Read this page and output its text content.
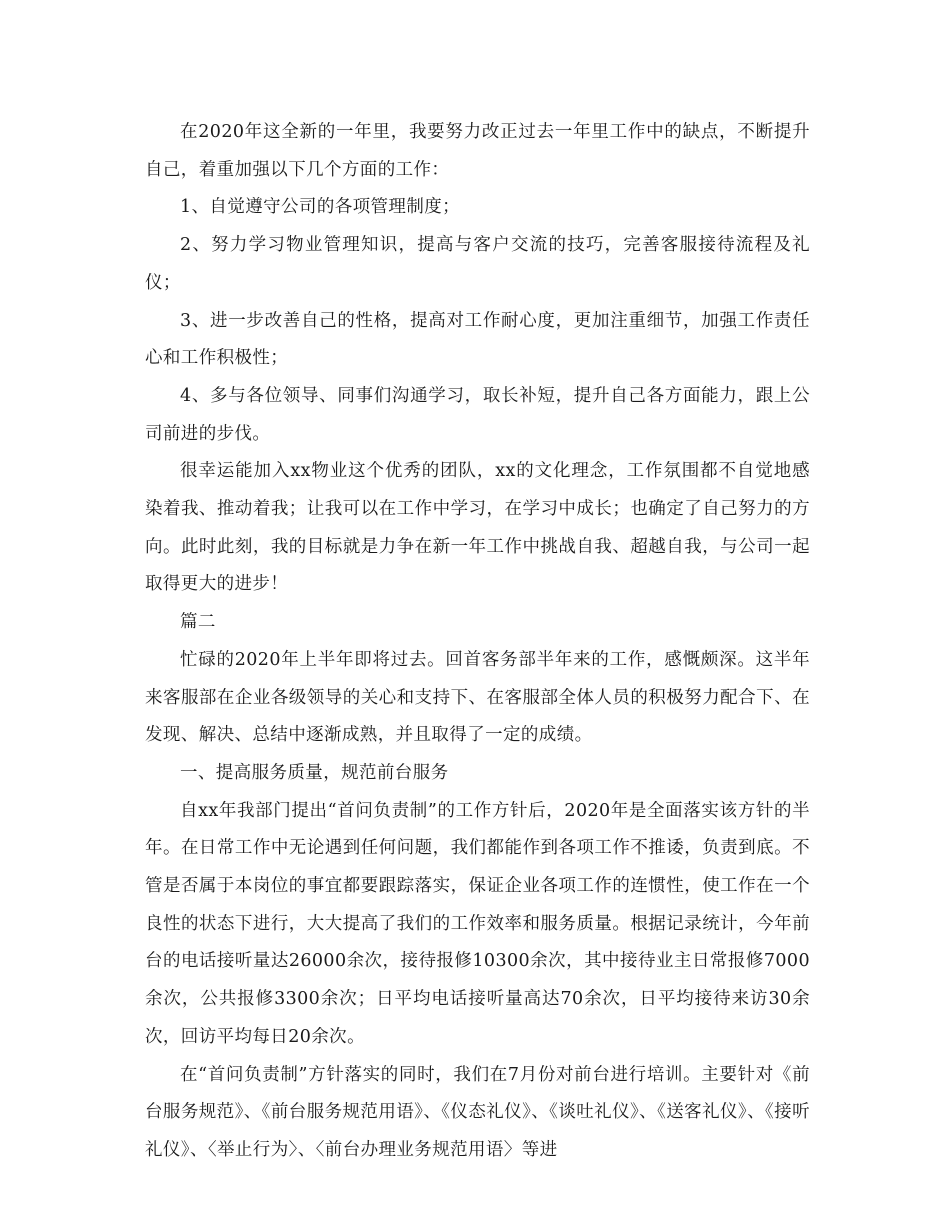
在2020年这全新的一年里，我要努力改正过去一年里工作中的缺点，不断提升自己，着重加强以下几个方面的工作：

1、自觉遵守公司的各项管理制度；

2、努力学习物业管理知识，提高与客户交流的技巧，完善客服接待流程及礼仪；

3、进一步改善自己的性格，提高对工作耐心度，更加注重细节，加强工作责任心和工作积极性；

4、多与各位领导、同事们沟通学习，取长补短，提升自己各方面能力，跟上公司前进的步伐。

很幸运能加入xx物业这个优秀的团队，xx的文化理念，工作氛围都不自觉地感染着我、推动着我；让我可以在工作中学习，在学习中成长；也确定了自己努力的方向。此时此刻，我的目标就是力争在新一年工作中挑战自我、超越自我，与公司一起取得更大的进步！

篇二

忙碌的2020年上半年即将过去。回首客务部半年来的工作，感慨颇深。这半年来客服部在企业各级领导的关心和支持下、在客服部全体人员的积极努力配合下、在发现、解决、总结中逐渐成熟，并且取得了一定的成绩。

一、提高服务质量，规范前台服务

自xx年我部门提出“首问负责制”的工作方针后，2020年是全面落实该方针的半年。在日常工作中无论遇到任何问题，我们都能作到各项工作不推诿，负责到底。不管是否属于本岗位的事宜都要跟踪落实，保证企业各项工作的连惯性，使工作在一个良性的状态下进行，大大提高了我们的工作效率和服务质量。根据记录统计，今年前台的电话接听量达26000余次，接待报修10300余次，其中接待业主日常报修7000余次，公共报修3300余次；日平均电话接听量高达70余次，日平均接待来访30余次，回访平均每日20余次。

在“首问负责制”方针落实的同时，我们在7月份对前台进行培训。主要针对《前台服务规范》、《前台服务规范用语》、《仪态礼仪》、《谈吐礼仪》、《送客礼仪》、《接听礼仪》、〈举止行为〉、〈前台办理业务规范用语〉等进
